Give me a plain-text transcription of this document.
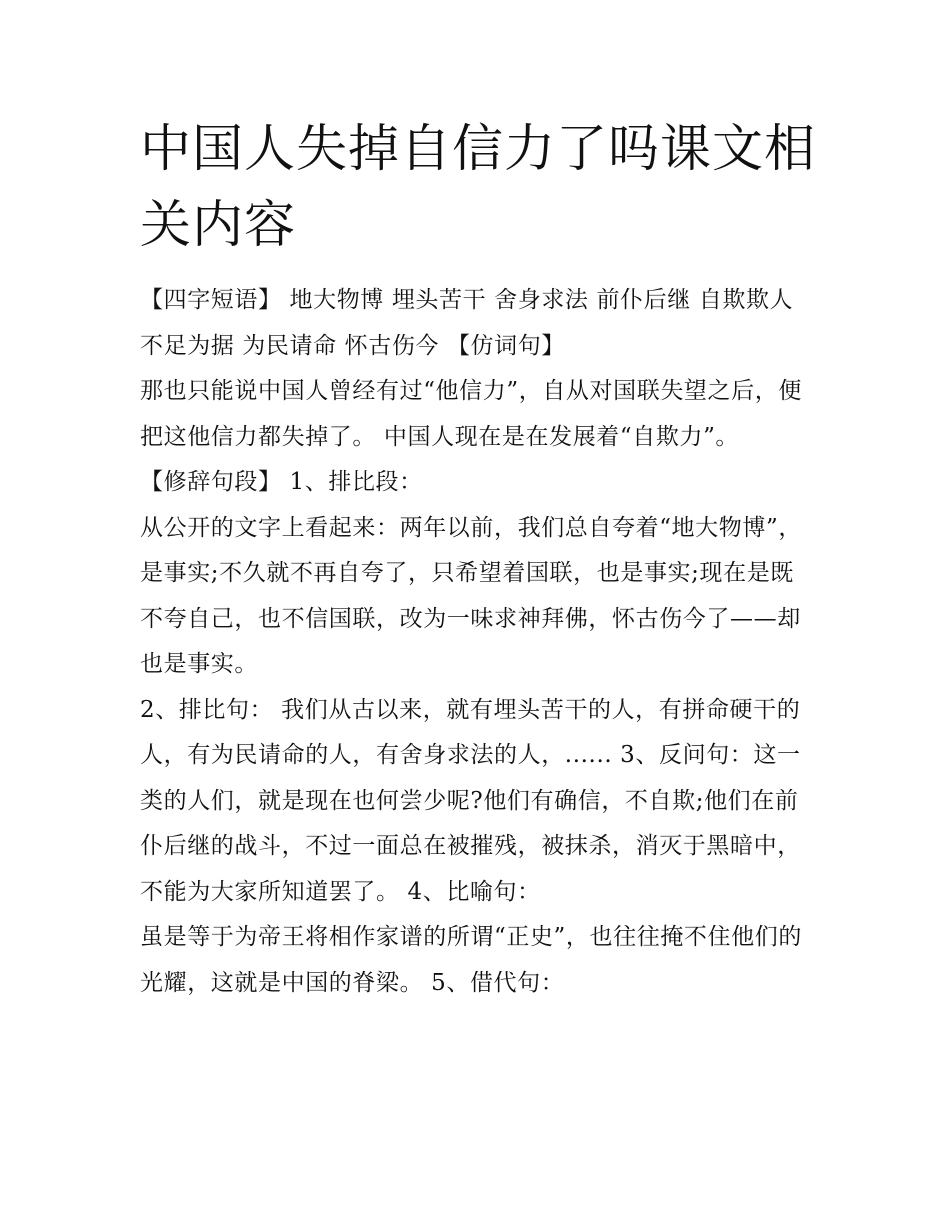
中国人失掉自信力了吗课文相关内容

【四字短语】 地大物博 埋头苦干 舍身求法 前仆后继 自欺欺人 不足为据 为民请命 怀古伤今 【仿词句】

那也只能说中国人曾经有过“他信力”，自从对国联失望之后，便把这他信力都失掉了。 中国人现在是在发展着“自欺力”。

【修辞句段】 1、排比段：

从公开的文字上看起来：两年以前，我们总自夸着“地大物博”，是事实;不久就不再自夸了，只希望着国联，也是事实;现在是既不夸自己，也不信国联，改为一味求神拜佛，怀古伤今了——却也是事实。

2、排比句： 我们从古以来，就有埋头苦干的人，有拼命硬干的人，有为民请命的人，有舍身求法的人，...... 3、反问句：这一类的人们，就是现在也何尝少呢?他们有确信，不自欺;他们在前仆后继的战斗，不过一面总在被摧残，被抹杀，消灭于黑暗中，不能为大家所知道罢了。 4、比喻句：

虽是等于为帝王将相作家谱的所谓“正史”，也往往掩不住他们的光耀，这就是中国的脊梁。 5、借代句：
